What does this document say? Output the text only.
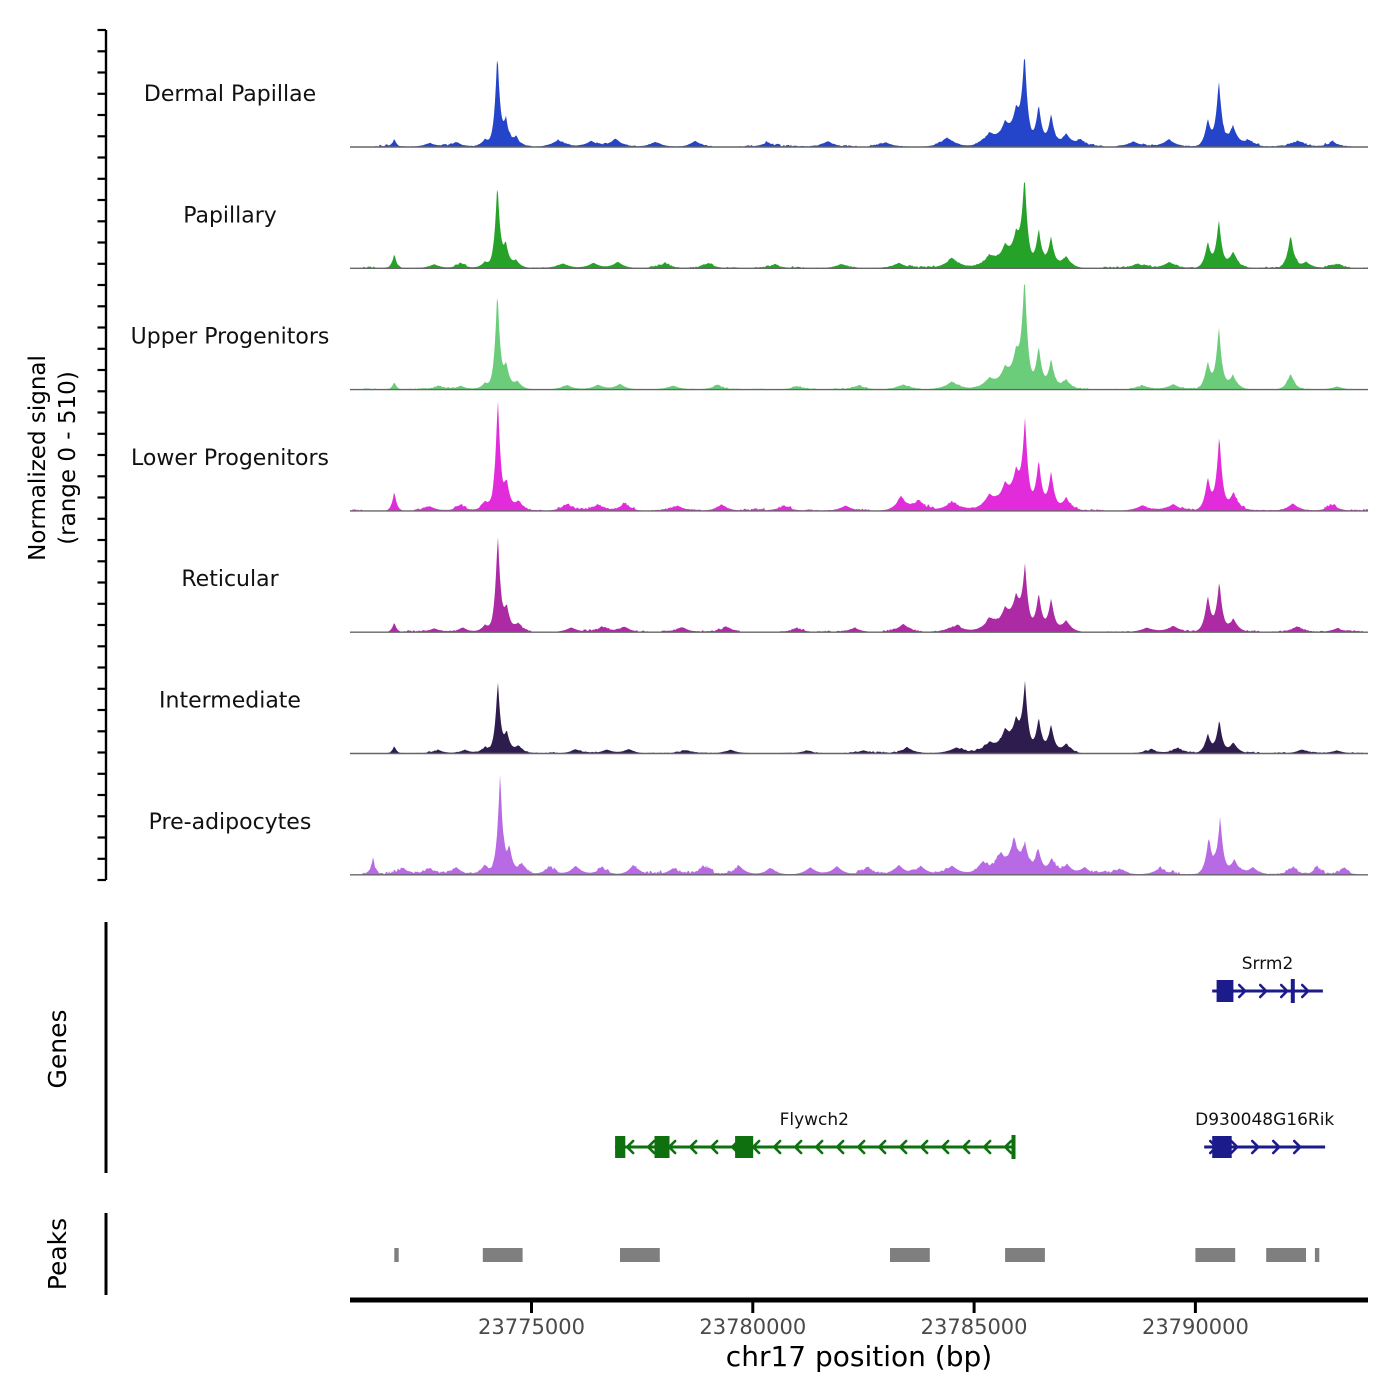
Dermal Papillae
Papillary
Upper Progenitors
Lower Progenitors
Reticular
Intermediate
Pre-adipocytes
Srrm2
Flywch2	D930048G16Rik
23775000	23780000	23785000	23790000
Normalized signal (range 0 - 510)
Genes
Peaks
chr17 position (bp)
